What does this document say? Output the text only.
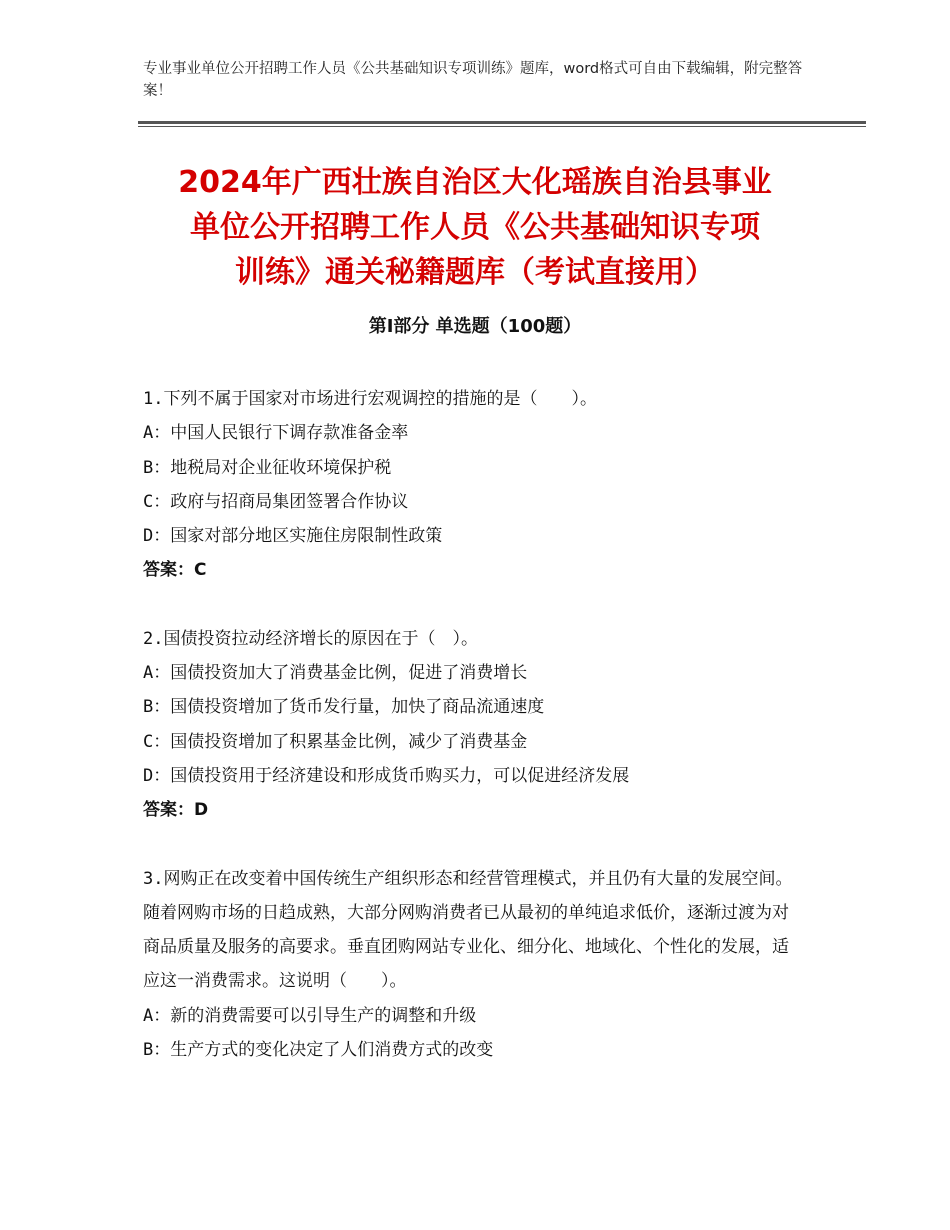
专业事业单位公开招聘工作人员《公共基础知识专项训练》题库，word格式可自由下载编辑，附完整答案！
2024年广西壮族自治区大化瑶族自治县事业
单位公开招聘工作人员《公共基础知识专项
训练》通关秘籍题库（考试直接用）
第Ⅰ部分 单选题（100题）
1.下列不属于国家对市场进行宏观调控的措施的是（　　）。
A：中国人民银行下调存款准备金率
B：地税局对企业征收环境保护税
C：政府与招商局集团签署合作协议
D：国家对部分地区实施住房限制性政策
答案：C
2.国债投资拉动经济增长的原因在于（　）。
A：国债投资加大了消费基金比例，促进了消费增长
B：国债投资增加了货币发行量，加快了商品流通速度
C：国债投资增加了积累基金比例，减少了消费基金
D：国债投资用于经济建设和形成货币购买力，可以促进经济发展
答案：D
3.网购正在改变着中国传统生产组织形态和经营管理模式，并且仍有大量的发展空间。随着网购市场的日趋成熟，大部分网购消费者已从最初的单纯追求低价，逐渐过渡为对商品质量及服务的高要求。垂直团购网站专业化、细分化、地域化、个性化的发展，适应这一消费需求。这说明（　　）。
A：新的消费需要可以引导生产的调整和升级
B：生产方式的变化决定了人们消费方式的改变
